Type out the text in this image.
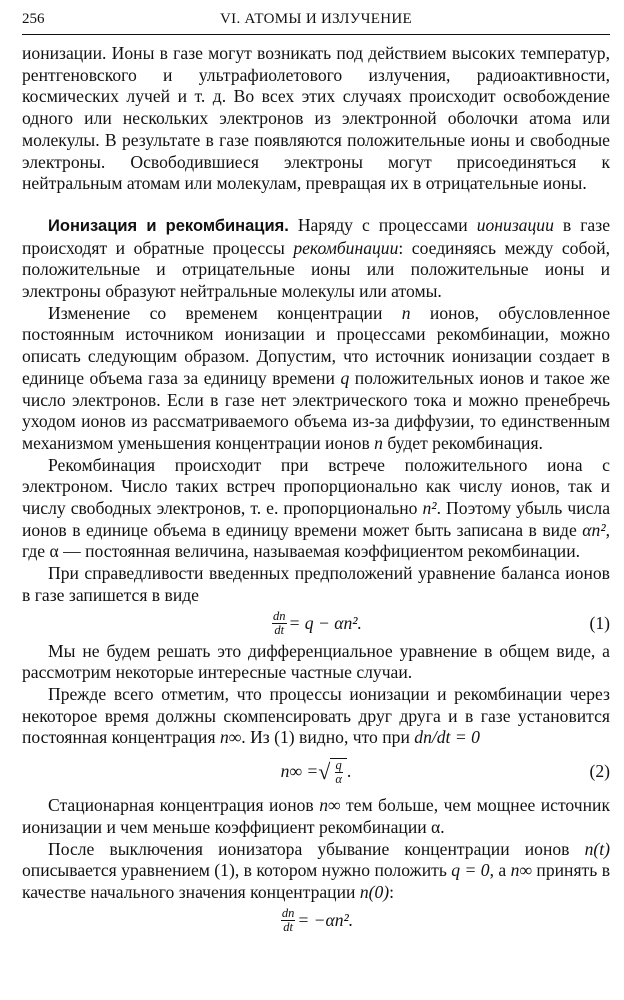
256	VI. АТОМЫ И ИЗЛУЧЕНИЕ

ионизации. Ионы в газе могут возникать под действием высоких температур, рентгеновского и ультрафиолетового излучения, радиоактивности, космических лучей и т. д. Во всех этих случаях происходит освобождение одного или нескольких электронов из электронной оболочки атома или молекулы. В результате в газе появляются положительные ионы и свободные электроны. Освободившиеся электроны могут присоединяться к нейтральным атомам или молекулам, превращая их в отрицательные ионы.

Ионизация и рекомбинация. Наряду с процессами ионизации в газе происходят и обратные процессы рекомбинации: соединяясь между собой, положительные и отрицательные ионы или положительные ионы и электроны образуют нейтральные молекулы или атомы.

Изменение со временем концентрации n ионов, обусловленное постоянным источником ионизации и процессами рекомбинации, можно описать следующим образом. Допустим, что источник ионизации создает в единице объема газа за единицу времени q положительных ионов и такое же число электронов. Если в газе нет электрического тока и можно пренебречь уходом ионов из рассматриваемого объема из-за диффузии, то единственным механизмом уменьшения концентрации ионов n будет рекомбинация.

Рекомбинация происходит при встрече положительного иона с электроном. Число таких встреч пропорционально как числу ионов, так и числу свободных электронов, т. е. пропорционально n². Поэтому убыль числа ионов в единице объема в единицу времени может быть записана в виде αn², где α — постоянная величина, называемая коэффициентом рекомбинации.

При справедливости введенных предположений уравнение баланса ионов в газе запишется в виде

$\frac{dn}{dt} = q - \alpha n^2$.	(1)

Мы не будем решать это дифференциальное уравнение в общем виде, а рассмотрим некоторые интересные частные случаи.

Прежде всего отметим, что процессы ионизации и рекомбинации через некоторое время должны скомпенсировать друг друга и в газе установится постоянная концентрация n∞. Из (1) видно, что при dn/dt = 0

n∞ = √ $\frac{q}{\alpha}$ .	(2)

Стационарная концентрация ионов n∞ тем больше, чем мощнее источник ионизации и чем меньше коэффициент рекомбинации α.

После выключения ионизатора убывание концентрации ионов n(t) описывается уравнением (1), в котором нужно положить q = 0, а n∞ принять в качестве начального значения концентрации n(0):

$\frac{dn}{dt} = -\alpha n^2$.
